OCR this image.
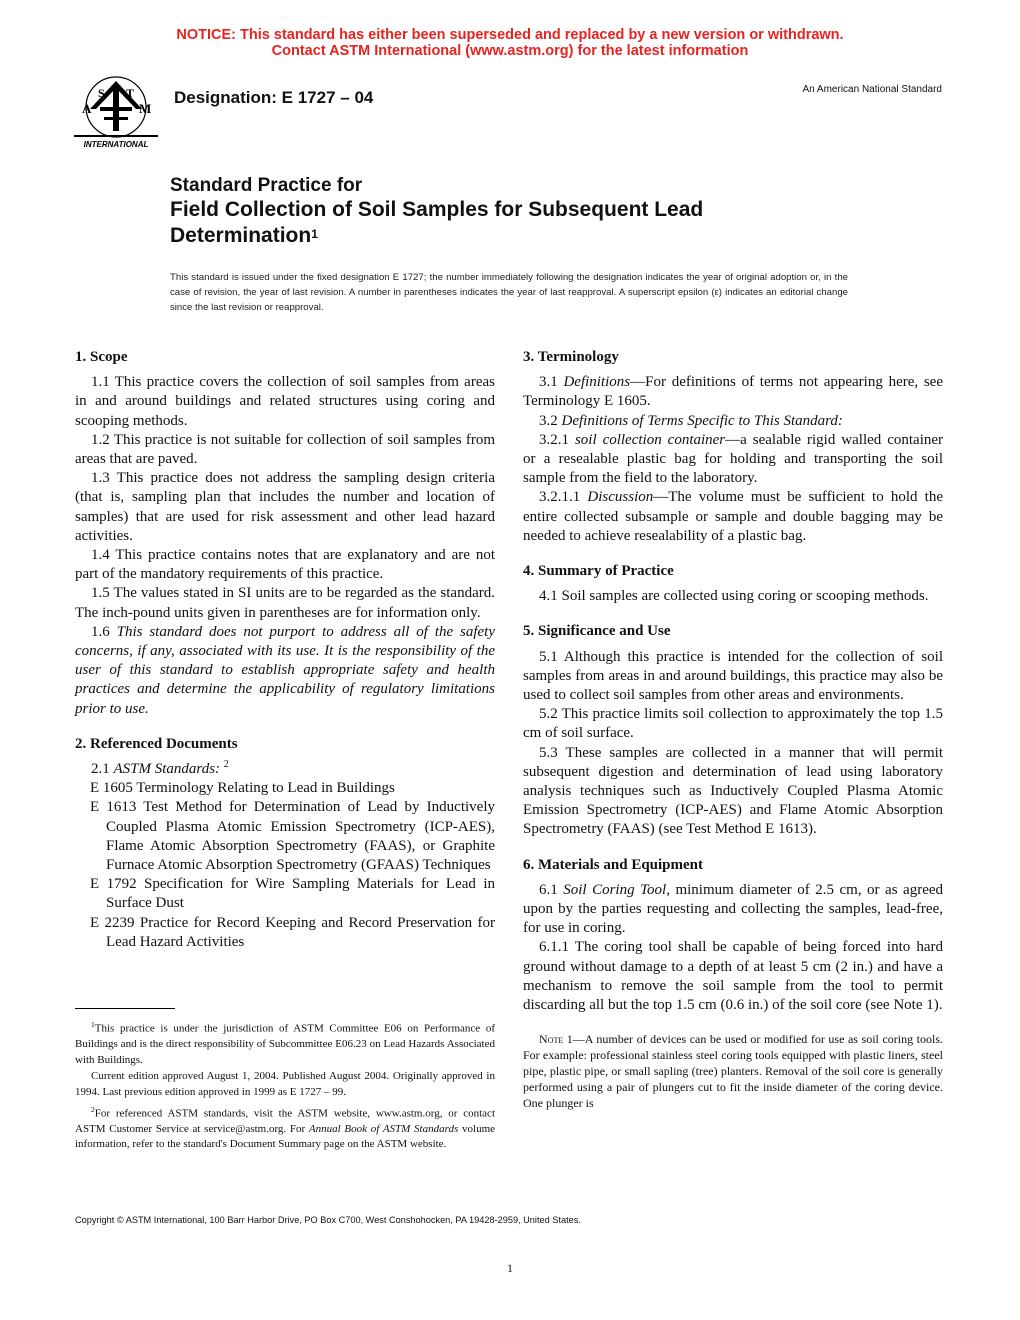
NOTICE: This standard has either been superseded and replaced by a new version or withdrawn.
Contact ASTM International (www.astm.org) for the latest information
A
S T
M
INTERNATIONAL
Designation: E 1727 – 04	An American National Standard
Standard Practice for
Field Collection of Soil Samples for Subsequent Lead
Determination$^1$
This standard is issued under the fixed designation E 1727; the number immediately following the designation indicates the year of original adoption or, in the case of revision, the year of last revision. A number in parentheses indicates the year of last reapproval. A superscript epsilon (ε) indicates an editorial change since the last revision or reapproval.
1. Scope

1.1 This practice covers the collection of soil samples from areas in and around buildings and related structures using coring and scooping methods.

1.2 This practice is not suitable for collection of soil samples from areas that are paved.

1.3 This practice does not address the sampling design criteria (that is, sampling plan that includes the number and location of samples) that are used for risk assessment and other lead hazard activities.

1.4 This practice contains notes that are explanatory and are not part of the mandatory requirements of this practice.

1.5 The values stated in SI units are to be regarded as the standard. The inch-pound units given in parentheses are for information only.

1.6 This standard does not purport to address all of the safety concerns, if any, associated with its use. It is the responsibility of the user of this standard to establish appropriate safety and health practices and determine the applicability of regulatory limitations prior to use.

2. Referenced Documents

2.1 ASTM Standards: $^2$

E 1605 Terminology Relating to Lead in Buildings

E 1613 Test Method for Determination of Lead by Inductively Coupled Plasma Atomic Emission Spectrometry (ICP-AES), Flame Atomic Absorption Spectrometry (FAAS), or Graphite Furnace Atomic Absorption Spectrometry (GFAAS) Techniques

E 1792 Specification for Wire Sampling Materials for Lead in Surface Dust

E 2239 Practice for Record Keeping and Record Preservation for Lead Hazard Activities

$^1$This practice is under the jurisdiction of ASTM Committee E06 on Performance of Buildings and is the direct responsibility of Subcommittee E06.23 on Lead Hazards Associated with Buildings.

Current edition approved August 1, 2004. Published August 2004. Originally approved in 1994. Last previous edition approved in 1999 as E 1727 – 99.

$^2$For referenced ASTM standards, visit the ASTM website, www.astm.org, or contact ASTM Customer Service at service@astm.org. For Annual Book of ASTM Standards volume information, refer to the standard's Document Summary page on the ASTM website.

3. Terminology

3.1 Definitions—For definitions of terms not appearing here, see Terminology E 1605.

3.2 Definitions of Terms Specific to This Standard:

3.2.1 soil collection container—a sealable rigid walled container or a resealable plastic bag for holding and transporting the soil sample from the field to the laboratory.

3.2.1.1 Discussion—The volume must be sufficient to hold the entire collected subsample or sample and double bagging may be needed to achieve resealability of a plastic bag.

4. Summary of Practice

4.1 Soil samples are collected using coring or scooping methods.

5. Significance and Use

5.1 Although this practice is intended for the collection of soil samples from areas in and around buildings, this practice may also be used to collect soil samples from other areas and environments.

5.2 This practice limits soil collection to approximately the top 1.5 cm of soil surface.

5.3 These samples are collected in a manner that will permit subsequent digestion and determination of lead using laboratory analysis techniques such as Inductively Coupled Plasma Atomic Emission Spectrometry (ICP-AES) and Flame Atomic Absorption Spectrometry (FAAS) (see Test Method E 1613).

6. Materials and Equipment

6.1 Soil Coring Tool, minimum diameter of 2.5 cm, or as agreed upon by the parties requesting and collecting the samples, lead-free, for use in coring.

6.1.1 The coring tool shall be capable of being forced into hard ground without damage to a depth of at least 5 cm (2 in.) and have a mechanism to remove the soil sample from the tool to permit discarding all but the top 1.5 cm (0.6 in.) of the soil core (see Note 1).

Note 1—A number of devices can be used or modified for use as soil coring tools. For example: professional stainless steel coring tools equipped with plastic liners, steel pipe, plastic pipe, or small sapling (tree) planters. Removal of the soil core is generally performed using a pair of plungers cut to fit the inside diameter of the coring device. One plunger is

Copyright © ASTM International, 100 Barr Harbor Drive, PO Box C700, West Conshohocken, PA 19428-2959, United States.
1
